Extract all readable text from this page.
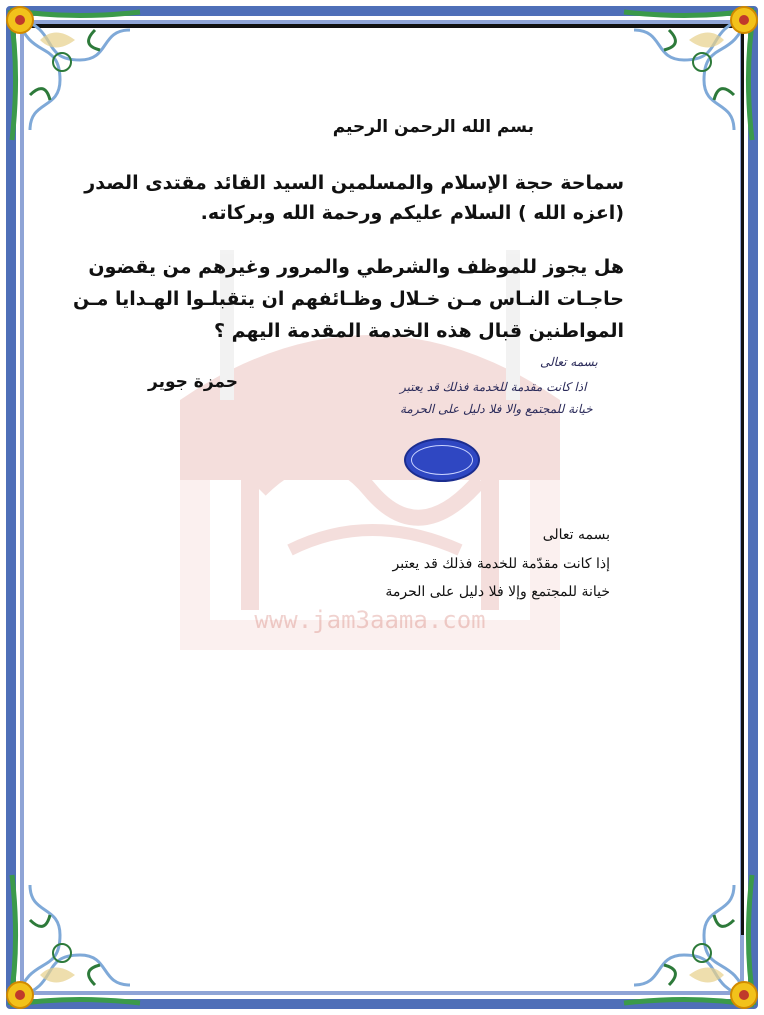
www.jam3aama.com
بسم الله الرحمن الرحيم
سماحة حجة الإسلام والمسلمين السيد القائد مقتدى الصدر
(اعزه الله ) السلام عليكم ورحمة الله وبركاته.
هل يجوز للموظف والشرطي والمرور وغيرهم من يقضون
حاجـات النـاس مـن خـلال وظـائفهم ان يتقبلـوا الهـدايا مـن
المواطنين قبال هذه الخدمة المقدمة اليهم ؟
حمزة جوير
بسمه تعالى
اذا كانت مقدمة للخدمة فذلك قد يعتبر
خيانة للمجتمع والا فلا دليل على الحرمة
بسمه تعالى
إذا كانت مقدّمة للخدمة فذلك قد يعتبر
خيانة للمجتمع وإلا فلا دليل على الحرمة
